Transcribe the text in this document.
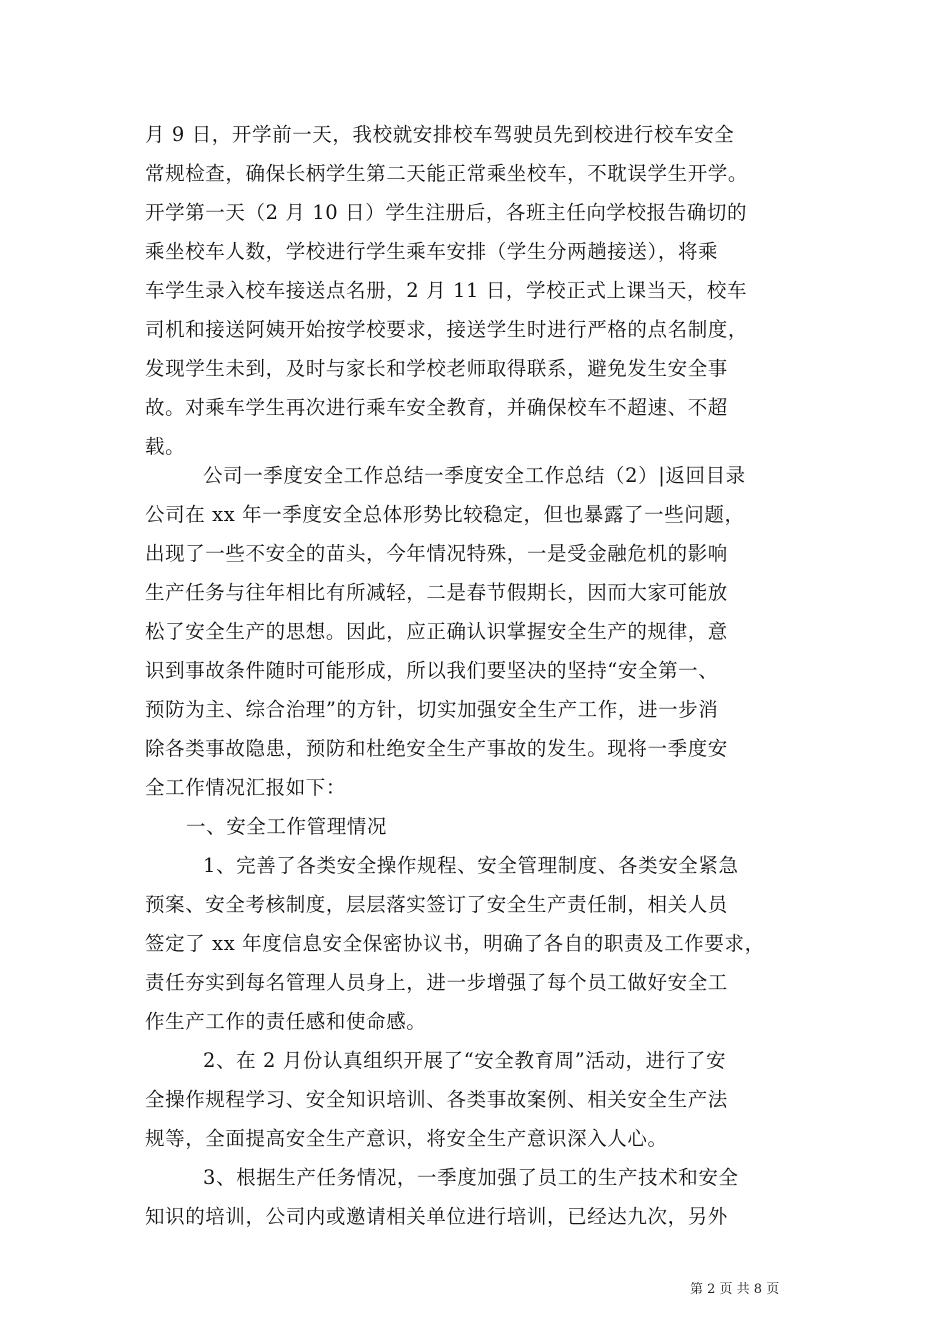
月 9 日，开学前一天，我校就安排校车驾驶员先到校进行校车安全
常规检查，确保长柄学生第二天能正常乘坐校车，不耽误学生开学。
开学第一天（2 月 10 日）学生注册后，各班主任向学校报告确切的
乘坐校车人数，学校进行学生乘车安排（学生分两趟接送），将乘
车学生录入校车接送点名册，2 月 11 日，学校正式上课当天，校车
司机和接送阿姨开始按学校要求，接送学生时进行严格的点名制度，
发现学生未到，及时与家长和学校老师取得联系，避免发生安全事
故。对乘车学生再次进行乘车安全教育，并确保校车不超速、不超
载。
公司一季度安全工作总结一季度安全工作总结（2）|返回目录
公司在 xx 年一季度安全总体形势比较稳定，但也暴露了一些问题，
出现了一些不安全的苗头，今年情况特殊，一是受金融危机的影响
生产任务与往年相比有所减轻，二是春节假期长，因而大家可能放
松了安全生产的思想。因此，应正确认识掌握安全生产的规律，意
识到事故条件随时可能形成，所以我们要坚决的坚持“安全第一、
预防为主、综合治理”的方针，切实加强安全生产工作，进一步消
除各类事故隐患，预防和杜绝安全生产事故的发生。现将一季度安
全工作情况汇报如下：
一、安全工作管理情况
1、完善了各类安全操作规程、安全管理制度、各类安全紧急
预案、安全考核制度，层层落实签订了安全生产责任制，相关人员
签定了 xx 年度信息安全保密协议书，明确了各自的职责及工作要求，
责任夯实到每名管理人员身上，进一步增强了每个员工做好安全工
作生产工作的责任感和使命感。
2、在 2 月份认真组织开展了“安全教育周”活动，进行了安
全操作规程学习、安全知识培训、各类事故案例、相关安全生产法
规等，全面提高安全生产意识，将安全生产意识深入人心。
3、根据生产任务情况，一季度加强了员工的生产技术和安全
知识的培训，公司内或邀请相关单位进行培训，已经达九次，另外
第 2 页 共 8 页
